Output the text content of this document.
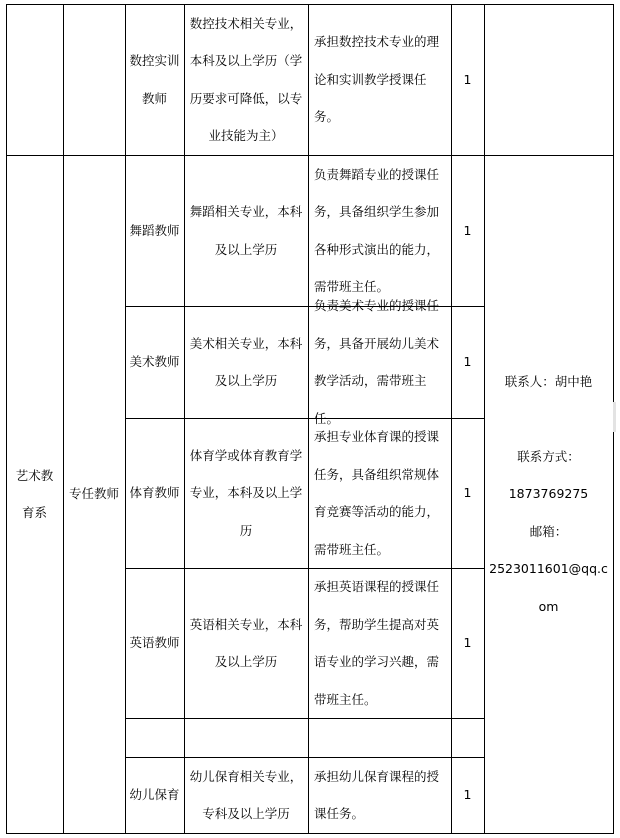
数控实训教师
数控技术相关专业，本科及以上学历（学历要求可降低，以专业技能为主）
承担数控技术专业的理论和实训教学授课任务。
1
艺术教育系
专任教师
舞蹈教师
舞蹈相关专业，本科及以上学历
负责舞蹈专业的授课任务，具备组织学生参加各种形式演出的能力，需带班主任。
1
美术教师
美术相关专业，本科及以上学历
负责美术专业的授课任务，具备开展幼儿美术教学活动，需带班主任。
1
体育教师
体育学或体育教育学专业，本科及以上学历
承担专业体育课的授课任务，具备组织常规体育竞赛等活动的能力，需带班主任。
1
英语教师
英语相关专业，本科及以上学历
承担英语课程的授课任务，帮助学生提高对英语专业的学习兴趣，需带班主任。
1
幼儿保育
幼儿保育相关专业，专科及以上学历
承担幼儿保育课程的授课任务。
1
联系人：胡中艳
联系方式：
18737692​75
邮箱：
2523011601@qq.com
